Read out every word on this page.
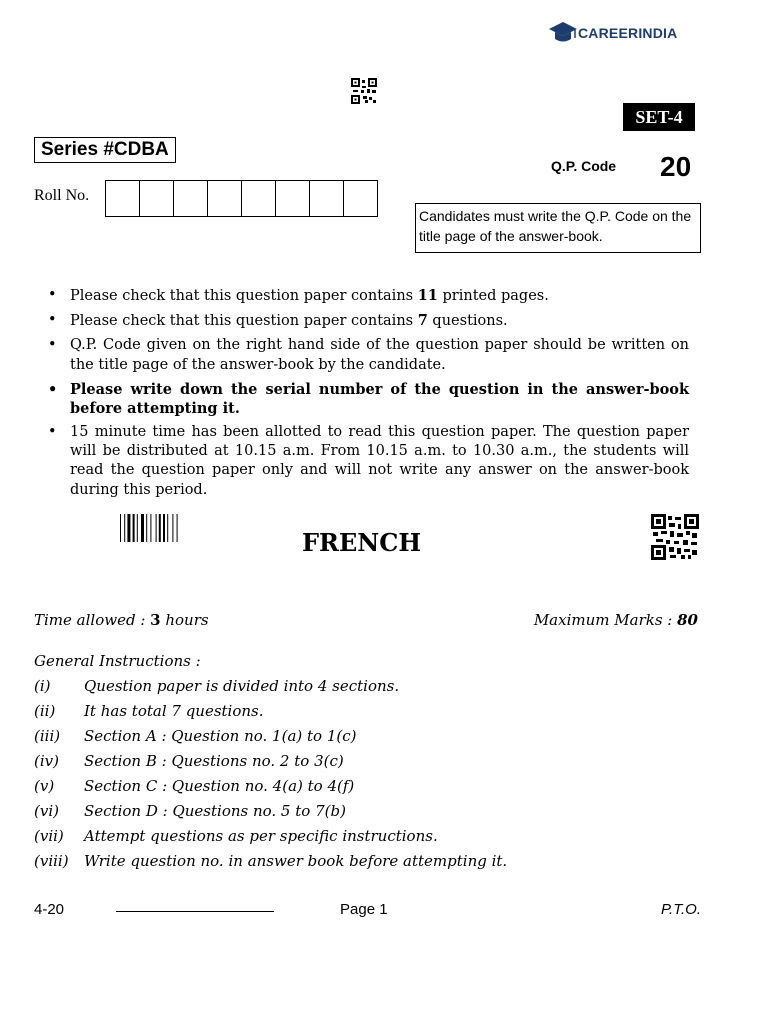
CAREERINDIA
SET-4
Series #CDBA
Q.P. Code 20
Roll No.
Candidates must write the Q.P. Code on the title page of the answer-book.
• Please check that this question paper contains 11 printed pages.
• Please check that this question paper contains 7 questions.
• Q.P. Code given on the right hand side of the question paper should be written on the title page of the answer-book by the candidate.
• Please write down the serial number of the question in the answer-book before attempting it.
• 15 minute time has been allotted to read this question paper. The question paper will be distributed at 10.15 a.m. From 10.15 a.m. to 10.30 a.m., the students will read the question paper only and will not write any answer on the answer-book during this period.
FRENCH
Time allowed : 3 hours	Maximum Marks : 80
General Instructions :
(i)	Question paper is divided into 4 sections.
(ii)	It has total 7 questions.
(iii)	Section A : Question no. 1(a) to 1(c)
(iv)	Section B : Questions no. 2 to 3(c)
(v)	Section C : Question no. 4(a) to 4(f)
(vi)	Section D : Questions no. 5 to 7(b)
(vii)	Attempt questions as per specific instructions.
(viii)	Write question no. in answer book before attempting it.
4-20	Page 1	P.T.O.
